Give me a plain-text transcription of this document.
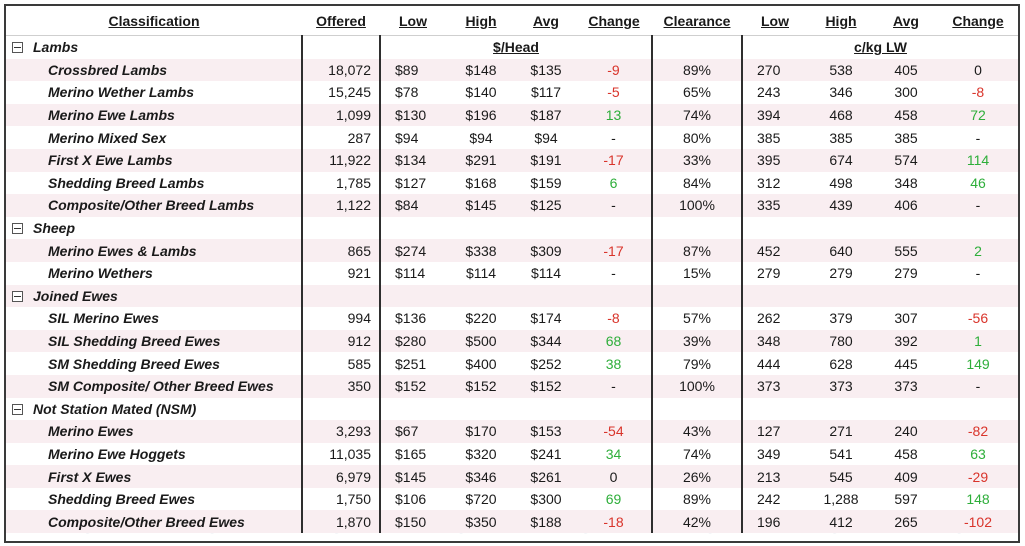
Classification	Offered	Low	High	Avg	Change	Clearance	Low	High	Avg	Change
Lambs		$/Head					c/kg LW			
Crossbred Lambs	18,072	$89	$148	$135	-9	89%	270	538	405	0
Merino Wether Lambs	15,245	$78	$140	$117	-5	65%	243	346	300	-8
Merino Ewe Lambs	1,099	$130	$196	$187	13	74%	394	468	458	72
Merino Mixed Sex	287	$94	$94	$94	-	80%	385	385	385	-
First X Ewe Lambs	11,922	$134	$291	$191	-17	33%	395	674	574	114
Shedding Breed Lambs	1,785	$127	$168	$159	6	84%	312	498	348	46
Composite/Other Breed Lambs	1,122	$84	$145	$125	-	100%	335	439	406	-
Sheep										
Merino Ewes & Lambs	865	$274	$338	$309	-17	87%	452	640	555	2
Merino Wethers	921	$114	$114	$114	-	15%	279	279	279	-
Joined Ewes										
SIL Merino Ewes	994	$136	$220	$174	-8	57%	262	379	307	-56
SIL Shedding Breed Ewes	912	$280	$500	$344	68	39%	348	780	392	1
SM Shedding Breed Ewes	585	$251	$400	$252	38	79%	444	628	445	149
SM Composite/ Other Breed Ewes	350	$152	$152	$152	-	100%	373	373	373	-
Not Station Mated (NSM)										
Merino Ewes	3,293	$67	$170	$153	-54	43%	127	271	240	-82
Merino Ewe Hoggets	11,035	$165	$320	$241	34	74%	349	541	458	63
First X Ewes	6,979	$145	$346	$261	0	26%	213	545	409	-29
Shedding Breed Ewes	1,750	$106	$720	$300	69	89%	242	1,288	597	148
Composite/Other Breed Ewes	1,870	$150	$350	$188	-18	42%	196	412	265	-102
